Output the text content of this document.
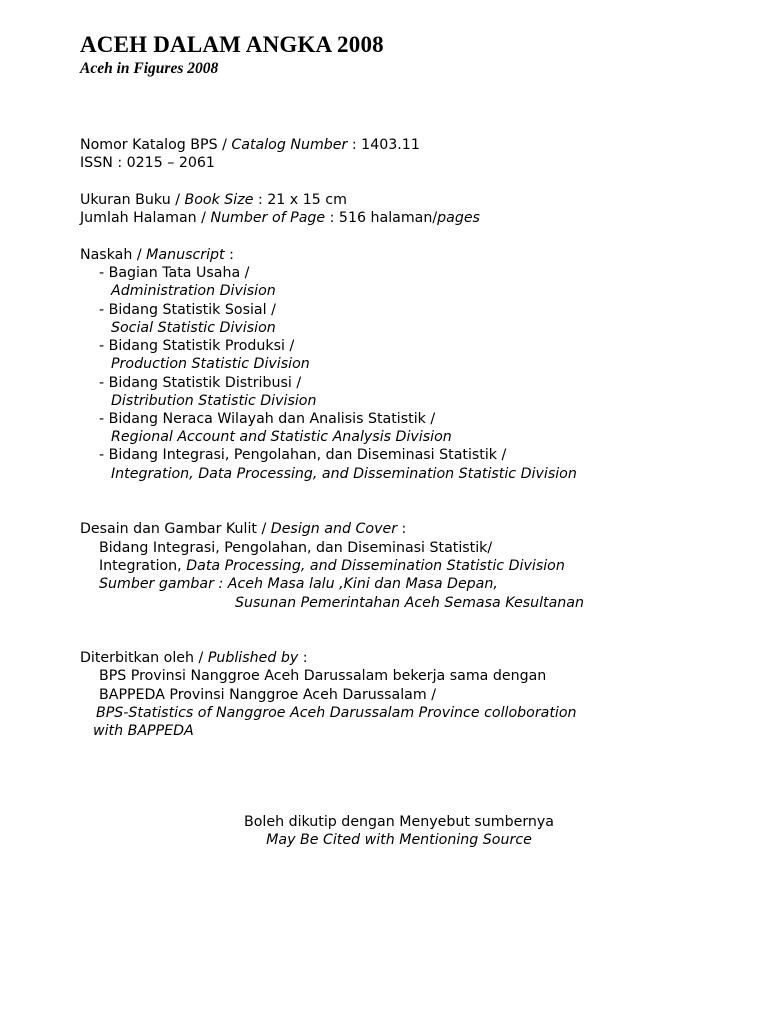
ACEH DALAM ANGKA 2008
Aceh in Figures 2008
Nomor Katalog BPS / Catalog Number : 1403.11
ISSN : 0215 – 2061
Ukuran Buku / Book Size : 21 x 15 cm
Jumlah Halaman / Number of Page : 516 halaman/pages
Naskah / Manuscript :
- Bagian Tata Usaha /
Administration Division
- Bidang Statistik Sosial /
Social Statistic Division
- Bidang Statistik Produksi /
Production Statistic Division
- Bidang Statistik Distribusi /
Distribution Statistic Division
- Bidang Neraca Wilayah dan Analisis Statistik /
Regional Account and Statistic Analysis Division
- Bidang Integrasi, Pengolahan, dan Diseminasi Statistik /
Integration, Data Processing, and Dissemination Statistic Division
Desain dan Gambar Kulit / Design and Cover :
Bidang Integrasi, Pengolahan, dan Diseminasi Statistik/
Integration, Data Processing, and Dissemination Statistic Division
Sumber gambar : Aceh Masa lalu ,Kini dan Masa Depan,
Susunan Pemerintahan Aceh Semasa Kesultanan
Diterbitkan oleh / Published by :
BPS Provinsi Nanggroe Aceh Darussalam bekerja sama dengan
BAPPEDA Provinsi Nanggroe Aceh Darussalam /
BPS-Statistics of Nanggroe Aceh Darussalam Province colloboration
with BAPPEDA
Boleh dikutip dengan Menyebut sumbernya
May Be Cited with Mentioning Source
